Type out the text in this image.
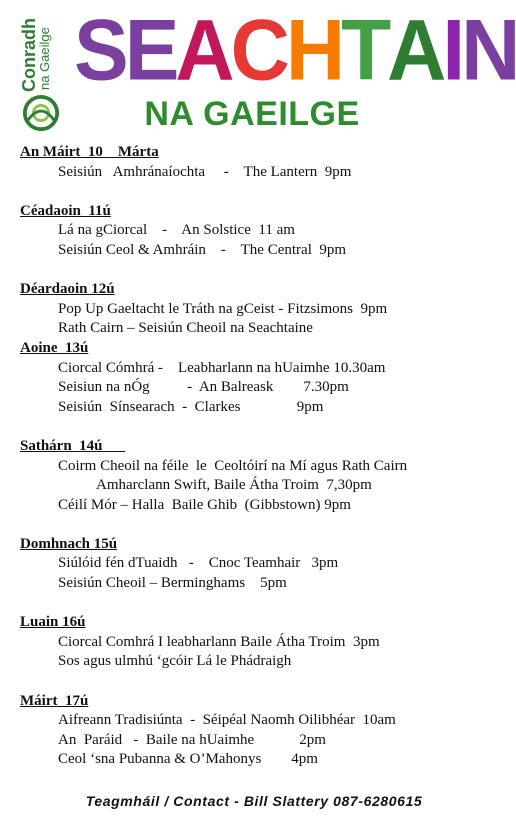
Conradh
na Gaeilge S E A C H T A I N
NA GAEILGE
An Máirt  10    Márta
Seisiún   Amhránaíochta     -    The Lantern  9pm
Céadaoin  11ú
Lá na gCiorcal    -    An Solstice  11 am
Seisiún Ceol & Amhráin    -    The Central  9pm
Déardaoin 12ú
Pop Up Gaeltacht le Tráth na gCeist - Fitzsimons  9pm
Rath Cairn – Seisiún Cheoil na Seachtaine
Aoine  13ú
Ciorcal Cómhrá -    Leabharlann na hUaimhe 10.30am
Seisiun na nÓg          -  An Balreask        7.30pm
Seisiún  Sínsearach  -  Clarkes               9pm
Sathárn  14ú
Coirm Cheoil na féile  le  Ceoltóirí na Mí agus Rath Cairn
Amharclann Swift, Baile Átha Troim  7,30pm
Céilí Mór – Halla  Baile Ghib  (Gibbstown) 9pm
Domhnach 15ú
Siúlóid fén dTuaidh   -    Cnoc Teamhair   3pm
Seisiún Cheoil – Berminghams    5pm
Luain 16ú
Ciorcal Comhrá I leabharlann Baile Átha Troim  3pm
Sos agus ulmhú ‘gcóir Lá le Phádraigh
Máirt  17ú
Aifreann Tradisiúnta  -  Séipéal Naomh Oilibhéar  10am
An  Paráid   -  Baile na hUaimhe            2pm
Ceol ‘sna Pubanna & O’Mahonys        4pm
Teagmháil / Contact - Bill Slattery 087-6280615
